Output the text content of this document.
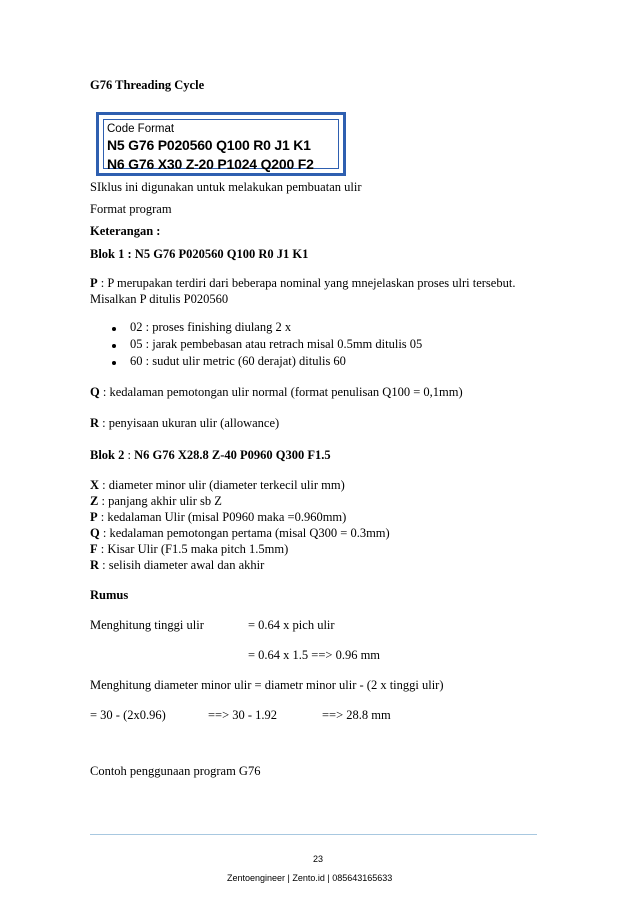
G76 Threading Cycle
Code Format
N5 G76 P020560 Q100 R0 J1 K1
N6 G76 X30 Z-20 P1024 Q200 F2
SIklus ini digunakan untuk melakukan pembuatan ulir
Format program
Keterangan :
Blok 1 : N5 G76 P020560 Q100 R0 J1 K1
P : P merupakan terdiri dari beberapa nominal yang mnejelaskan proses ulri tersebut.
Misalkan P ditulis P020560
02 : proses finishing diulang 2 x
05 : jarak pembebasan atau retrach misal 0.5mm ditulis 05
60 : sudut ulir metric (60 derajat) ditulis 60
Q : kedalaman pemotongan ulir normal (format penulisan Q100 = 0,1mm)
R : penyisaan ukuran ulir (allowance)
Blok 2 : N6 G76 X28.8 Z-40 P0960 Q300 F1.5
X : diameter minor ulir (diameter terkecil ulir mm)
Z : panjang akhir ulir sb Z
P : kedalaman Ulir (misal P0960 maka =0.960mm)
Q : kedalaman pemotongan pertama (misal Q300 = 0.3mm)
F : Kisar Ulir (F1.5 maka pitch 1.5mm)
R : selisih diameter awal dan akhir
Rumus
Menghitung tinggi ulir	= 0.64 x pich ulir
= 0.64 x 1.5 ==> 0.96 mm
Menghitung diameter minor ulir = diametr minor ulir - (2 x tinggi ulir)
= 30 - (2x0.96)	==> 30 - 1.92	==> 28.8 mm
Contoh penggunaan program G76
23
Zentoengineer | Zento.id | 085643165633
